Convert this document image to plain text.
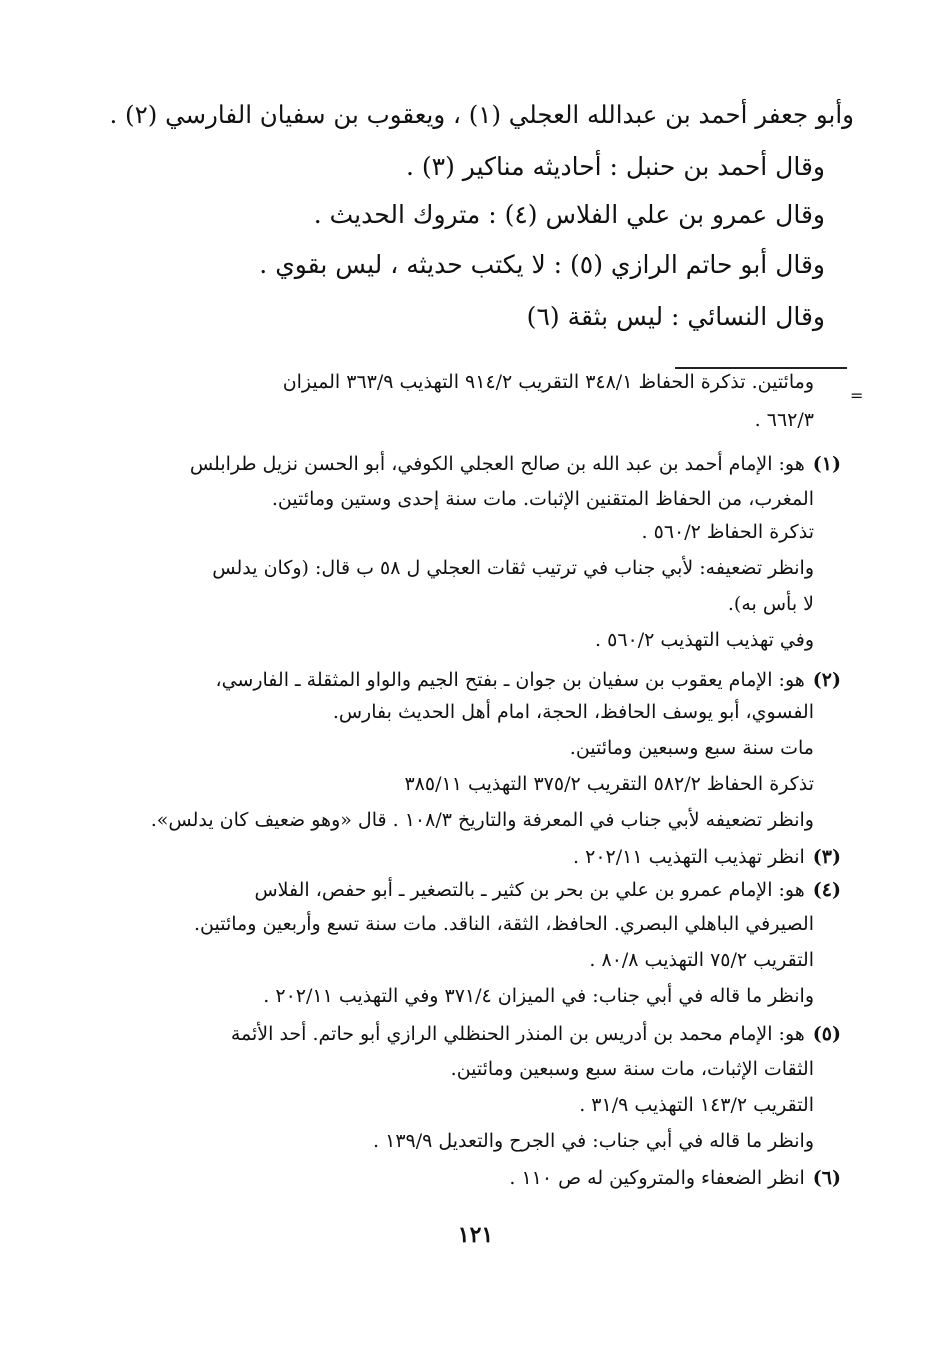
وأبو جعفر أحمد بن عبدالله العجلي (١) ، ويعقوب بن سفيان الفارسي (٢) .
وقال أحمد بن حنبل : أحاديثه مناكير (٣) .
وقال عمرو بن علي الفلاس (٤) : متروك الحديث .
وقال أبو حاتم الرازي (٥) : لا يكتب حديثه ، ليس بقوي .
وقال النسائي : ليس بثقة (٦)
=
ومائتين. تذكرة الحفاظ ٣٤٨/١ التقريب ٩١٤/٢ التهذيب ٣٦٣/٩ الميزان
٦٦٢/٣ .
(١)هو: الإمام أحمد بن عبد الله بن صالح العجلي الكوفي، أبو الحسن نزيل طرابلس
المغرب، من الحفاظ المتقنين الإثبات. مات سنة إحدى وستين ومائتين.
تذكرة الحفاظ ٥٦٠/٢ .
وانظر تضعيفه: لأبي جناب في ترتيب ثقات العجلي ل ٥٨ ب قال: (وكان يدلس
لا بأس به).
وفي تهذيب التهذيب ٥٦٠/٢ .
(٢)هو: الإمام يعقوب بن سفيان بن جوان ـ بفتح الجيم والواو المثقلة ـ الفارسي،
الفسوي، أبو يوسف الحافظ، الحجة، امام أهل الحديث بفارس.
مات سنة سبع وسبعين ومائتين.
تذكرة الحفاظ ٥٨٢/٢ التقريب ٣٧٥/٢ التهذيب ٣٨٥/١١
وانظر تضعيفه لأبي جناب في المعرفة والتاريخ ١٠٨/٣ . قال «وهو ضعيف كان يدلس».
(٣)انظر تهذيب التهذيب ٢٠٢/١١ .
(٤)هو: الإمام عمرو بن علي بن بحر بن كثير ـ بالتصغير ـ أبو حفص، الفلاس
الصيرفي الباهلي البصري. الحافظ، الثقة، الناقد. مات سنة تسع وأربعين ومائتين.
التقريب ٧٥/٢ التهذيب ٨٠/٨ .
وانظر ما قاله في أبي جناب: في الميزان ٣٧١/٤ وفي التهذيب ٢٠٢/١١ .
(٥)هو: الإمام محمد بن أدريس بن المنذر الحنظلي الرازي أبو حاتم. أحد الأئمة
الثقات الإثبات، مات سنة سبع وسبعين ومائتين.
التقريب ١٤٣/٢ التهذيب ٣١/٩ .
وانظر ما قاله في أبي جناب: في الجرح والتعديل ١٣٩/٩ .
(٦)انظر الضعفاء والمتروكين له ص ١١٠ .
١٢١
